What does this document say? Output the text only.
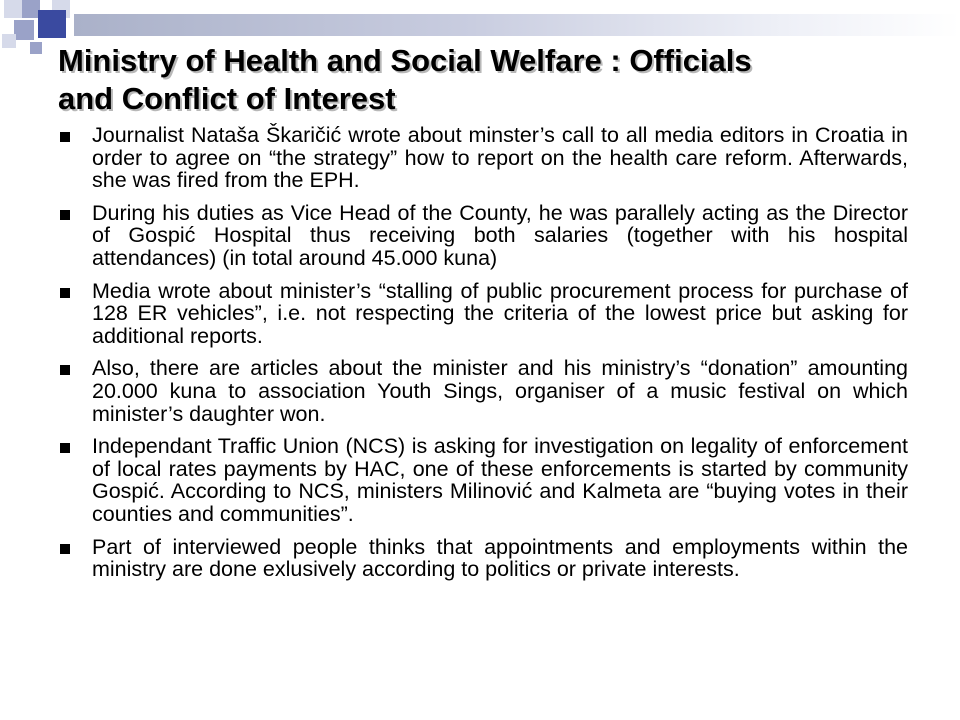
Ministry of Health and Social Welfare : Officials
and Conflict of Interest
Journalist Nataša Škaričić wrote about minster’s call to all media editors in Croatia in order to agree on “the strategy” how to report on the health care reform. Afterwards, she was fired from the EPH.
During his duties as Vice Head of the County, he was parallely acting as the Director of Gospić Hospital thus receiving both salaries (together with his hospital attendances) (in total around 45.000 kuna)
Media wrote about minister’s “stalling of public procurement process for purchase of 128 ER vehicles”, i.e. not respecting the criteria of the lowest price but asking for additional reports.
Also, there are articles about the minister and his ministry’s “donation” amounting 20.000 kuna to association Youth Sings, organiser of a music festival on which minister’s daughter won.
Independant Traffic Union (NCS) is asking for investigation on legality of enforcement of local rates payments by HAC, one of these enforcements is started by community Gospić. According to NCS, ministers Milinović and Kalmeta are “buying votes in their counties and communities”.
Part of interviewed people thinks that appointments and employments within the ministry are done exlusively according to politics or private interests.
